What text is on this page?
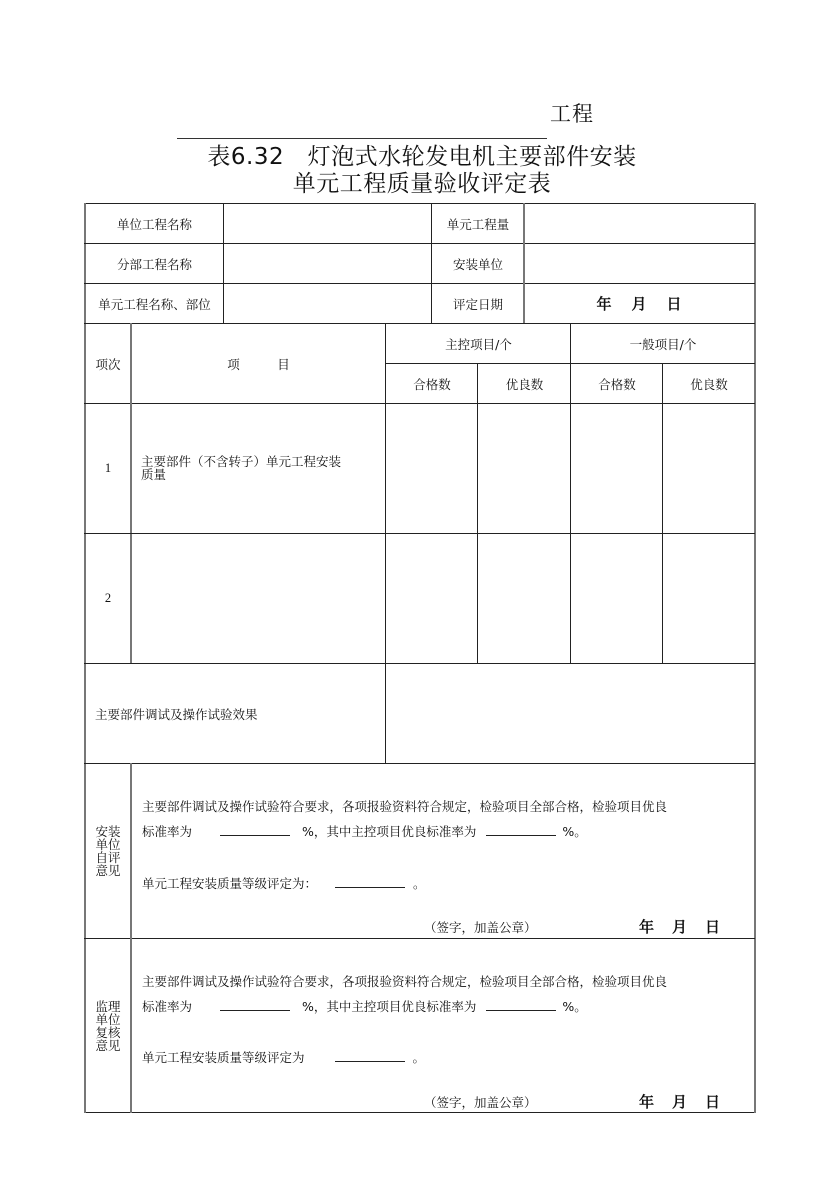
工程
表6.32　灯泡式水轮发电机主要部件安装
单元工程质量验收评定表
单位工程名称	单元工程量
分部工程名称	安装单位
单元工程名称、部位	评定日期	年 月 日
项次	项　　　目
主控项目/个	一般项目/个
合格数	优良数	合格数	优良数
1	主要部件（不含转子）单元工程安装
质量
2
主要部件调试及操作试验效果
安装
单位
自评
意见
主要部件调试及操作试验符合要求，各项报验资料符合规定，检验项目全部合格，检验项目优良
标准率为	%，其中主控项目优良标准率为	%。
单元工程安装质量等级评定为：	。
（签字，加盖公章）	年 月 日
监理
单位
复核
意见
主要部件调试及操作试验符合要求，各项报验资料符合规定，检验项目全部合格，检验项目优良
标准率为	%，其中主控项目优良标准率为	%。
单元工程安装质量等级评定为	。
（签字，加盖公章）	年 月 日
